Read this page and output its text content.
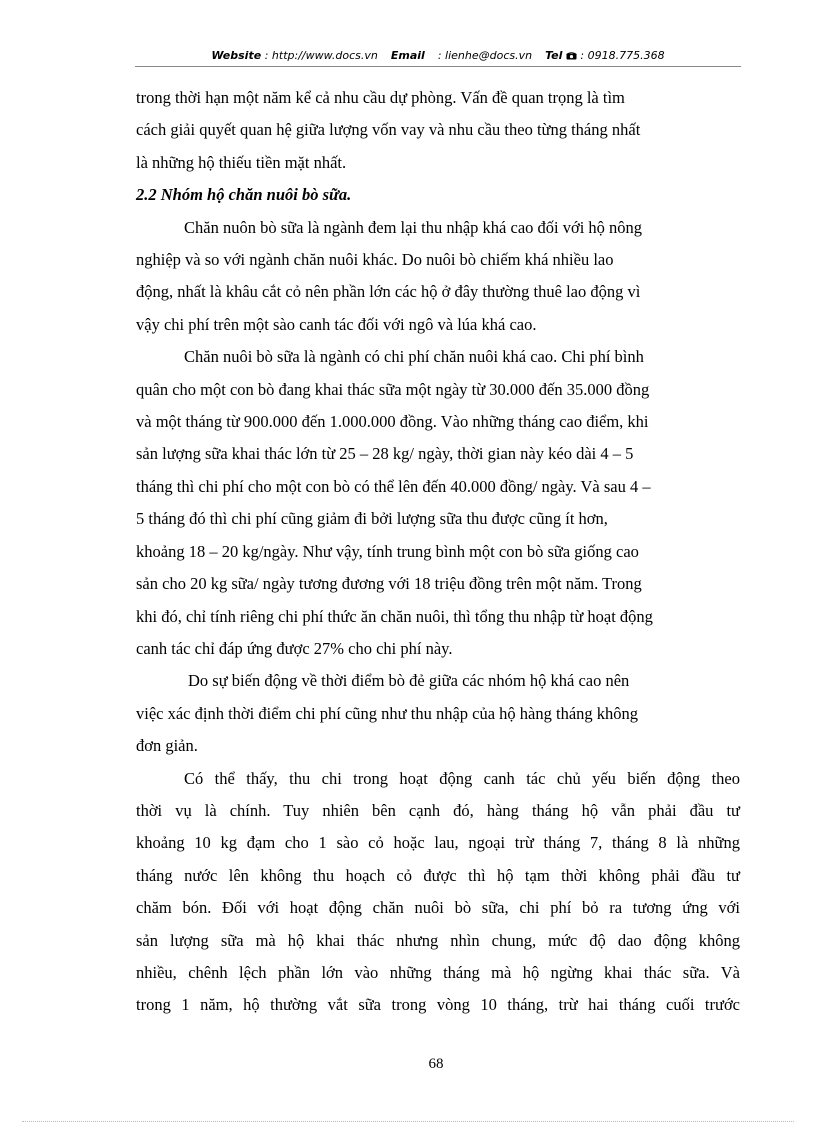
Website : http://www.docs.vn Email : lienhe@docs.vn Tel : 0918.775.368

trong thời hạn một năm kể cả nhu cầu dự phòng. Vấn đề quan trọng là tìm
cách giải quyết quan hệ giữa lượng vốn vay và nhu cầu theo từng tháng nhất
là những hộ thiếu tiền mặt nhất.

2.2 Nhóm hộ chăn nuôi bò sữa.

Chăn nuôn bò sữa là ngành đem lại thu nhập khá cao đối với hộ nông
nghiệp và so với ngành chăn nuôi khác. Do nuôi bò chiếm khá nhiều lao
động, nhất là khâu cắt cỏ nên phần lớn các hộ ở đây thường thuê lao động vì
vậy chi phí trên một sào canh tác đối với ngô và lúa khá cao.

Chăn nuôi bò sữa là ngành có chi phí chăn nuôi khá cao. Chi phí bình
quân cho một con bò đang khai thác sữa một ngày từ 30.000 đến 35.000 đồng
và một tháng từ 900.000 đến 1.000.000 đồng. Vào những tháng cao điểm, khi
sản lượng sữa khai thác lớn từ 25 – 28 kg/ ngày, thời gian này kéo dài 4 – 5
tháng thì chi phí cho một con bò có thể lên đến 40.000 đồng/ ngày. Và sau 4 –
5 tháng đó thì chi phí cũng giảm đi bởi lượng sữa thu được cũng ít hơn,
khoảng 18 – 20 kg/ngày. Như vậy, tính trung bình một con bò sữa giống cao
sản cho 20 kg sữa/ ngày tương đương với 18 triệu đồng trên một năm. Trong
khi đó, chỉ tính riêng chi phí thức ăn chăn nuôi, thì tổng thu nhập từ hoạt động
canh tác chỉ đáp ứng được 27% cho chi phí này.

Do sự biến động về thời điểm bò đẻ giữa các nhóm hộ khá cao nên
việc xác định thời điểm chi phí cũng như thu nhập của hộ hàng tháng không
đơn giản.

Có thể thấy, thu chi trong hoạt động canh tác chủ yếu biến động theo
thời vụ là chính. Tuy nhiên bên cạnh đó, hàng tháng hộ vẫn phải đầu tư
khoảng 10 kg đạm cho 1 sào cỏ hoặc lau, ngoại trừ tháng 7, tháng 8 là những
tháng nước lên không thu hoạch cỏ được thì hộ tạm thời không phải đầu tư
chăm bón. Đối với hoạt động chăn nuôi bò sữa, chi phí bỏ ra tương ứng với
sản lượng sữa mà hộ khai thác nhưng nhìn chung, mức độ dao động không
nhiều, chênh lệch phần lớn vào những tháng mà hộ ngừng khai thác sữa. Và
trong 1 năm, hộ thường vắt sữa trong vòng 10 tháng, trừ hai tháng cuối trước

68
